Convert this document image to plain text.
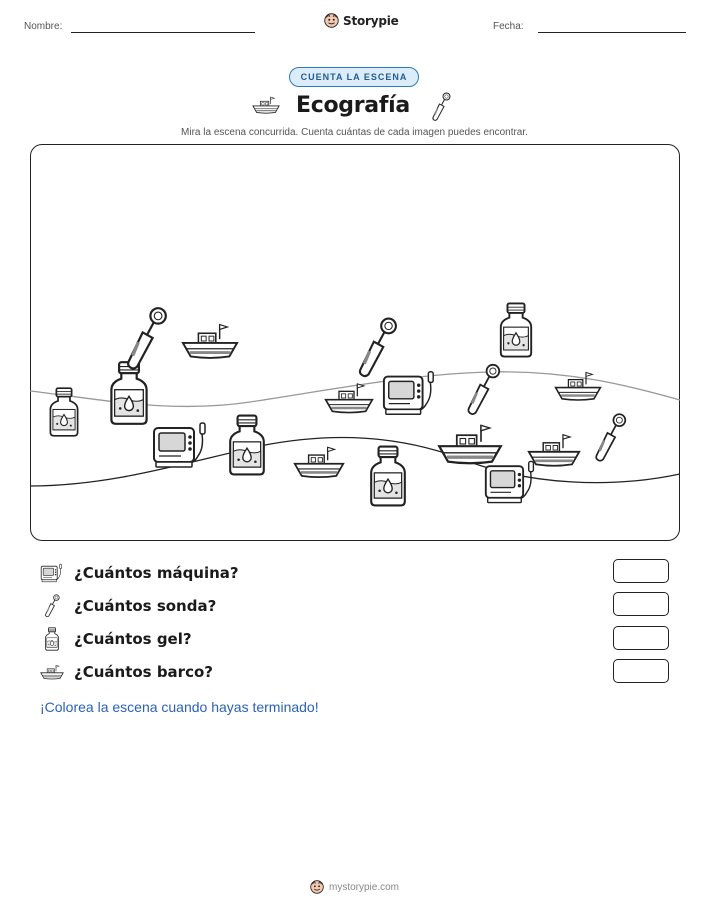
Nombre:	Storypie	Fecha:
CUENTA LA ESCENA
Ecografía
Mira la escena concurrida. Cuenta cuántas de cada imagen puedes encontrar.
¿Cuántos máquina?
¿Cuántos sonda?
¿Cuántos gel?
¿Cuántos barco?
¡Colorea la escena cuando hayas terminado!
mystorypie.com
